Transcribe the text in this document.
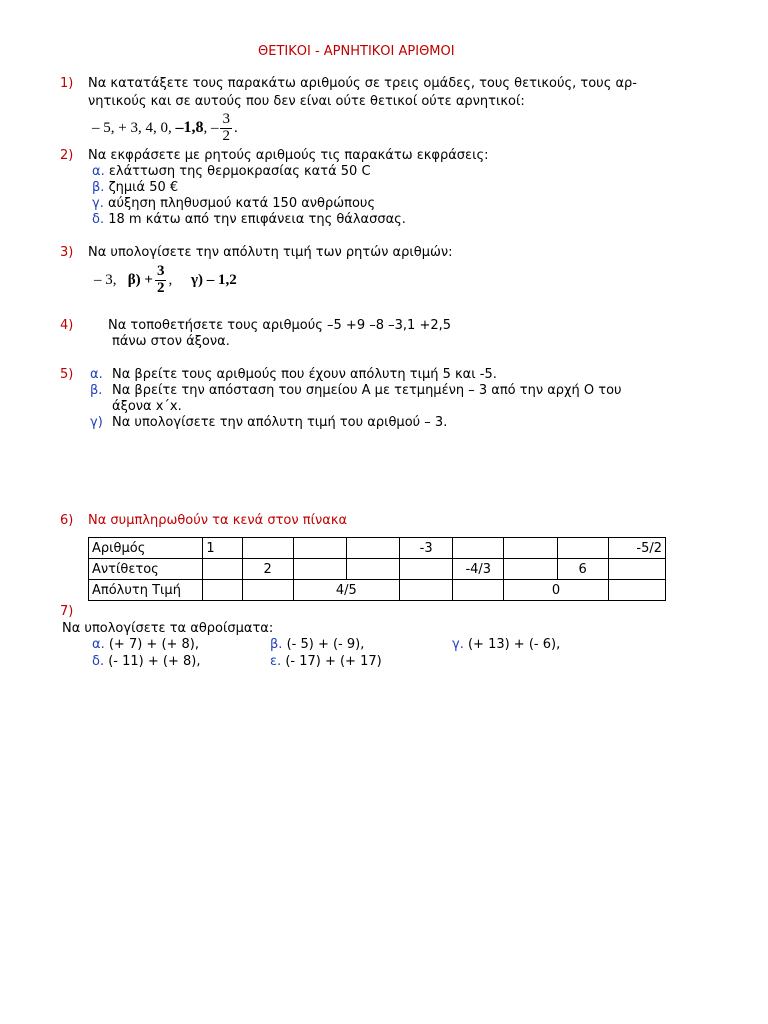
ΘΕΤΙΚΟΙ - ΑΡΝΗΤΙΚΟΙ ΑΡΙΘΜΟΙ
1) Να κατατάξετε τους παρακάτω αριθμούς σε τρεις ομάδες, τους θετικούς, τους αρ-
νητικούς και σε αυτούς που δεν είναι ούτε θετικοί ούτε αρνητικοί:
– 5, + 3, 4, 0,
–1,8 ,
– $\frac{3}{2}$ .
2) Να εκφράσετε με ρητούς αριθμούς τις παρακάτω εκφράσεις:
α. ελάττωση της θερμοκρασίας κατά 50 C
β. ζημιά 50 €
γ. αύξηση πληθυσμού κατά 150 ανθρώπους
δ. 18 m κάτω από την επιφάνεια της θάλασσας.
3) Να υπολογίσετε την απόλυτη τιμή των ρητών αριθμών:
– 3,
$\beta) + \frac{3}{2}$ ,
γ) – 1,2
4)	Να τοποθετήσετε τους αριθμούς –5 +9 –8 –3,1 +2,5
πάνω στον άξονα.
5) α. Να βρείτε τους αριθμούς που έχουν απόλυτη τιμή 5 και -5.
β. Να βρείτε την απόσταση του σημείου Α με τετμημένη – 3 από την αρχή Ο του
άξονα x΄x.
γ) Να υπολογίσετε την απόλυτη τιμή του αριθμού – 3.
6) Να συμπληρωθούν τα κενά στον πίνακα
Αριθμός	1				-3				-5/2
Αντίθετος		2				-4/3		6	
Απόλυτη Τιμή			4/5				0		
7)
Να υπολογίσετε τα αθροίσματα:
α. (+ 7) + (+ 8),	β. (- 5) + (- 9),	γ. (+ 13) + (- 6),
δ. (- 11) + (+ 8),	ε. (- 17) + (+ 17)
